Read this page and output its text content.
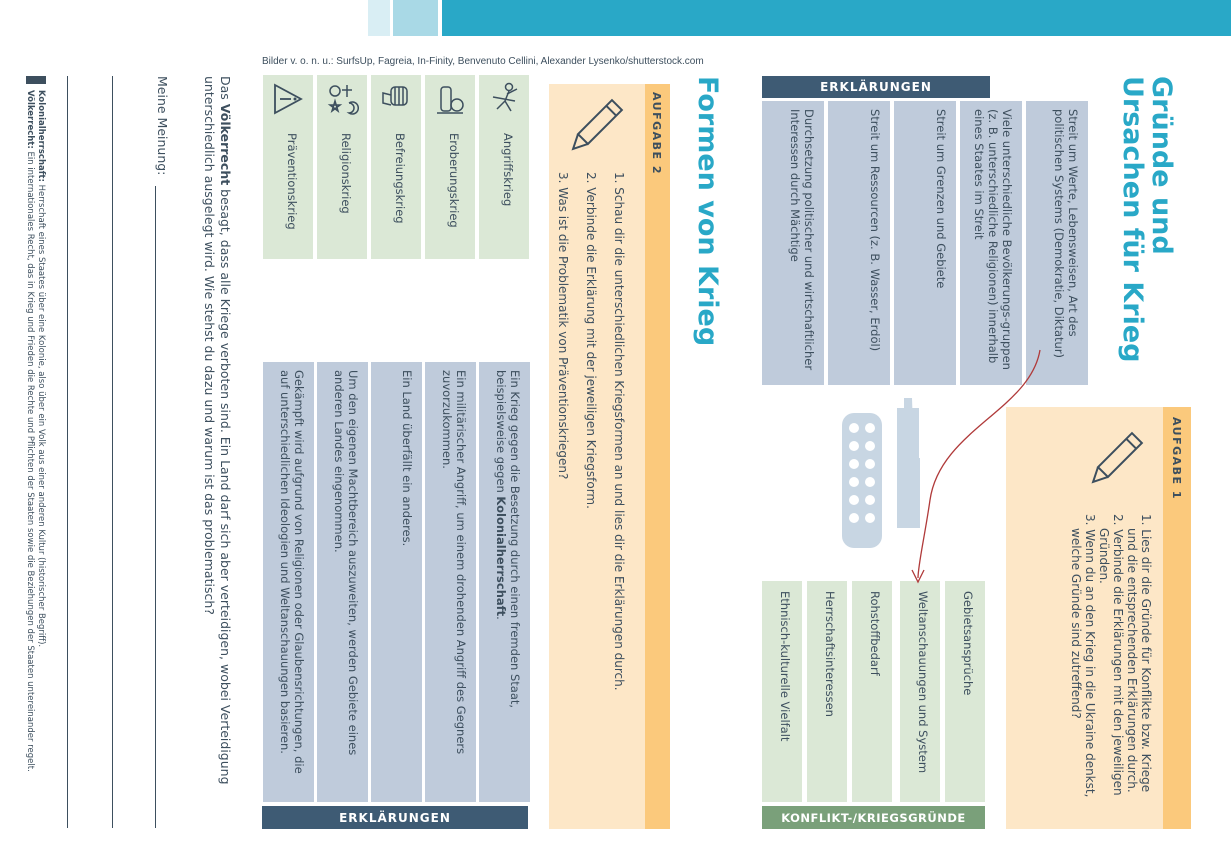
Gründe und Ursachen für Krieg
Formen von Krieg
Bilder v. o. n. u.: SurfsUp, Fagreia, In-Finity, Benvenuto Cellini, Alexander Lysenko/shutterstock.com
ERKLÄRUNGEN
Streit um Werte, Lebensweisen, Art des politischen Systems (Demokratie, Diktatur)
Viele unterschiedliche Bevölkerungs-gruppen (z. B. unterschiedliche Religionen) innerhalb eines Staates im Streit
Streit um Grenzen und Gebiete
Streit um Ressourcen (z. B. Wasser, Erdöl)
Durchsetzung politischer und wirtschaftlicher Interessen durch Mächtige
AUFGABE 1
1. Lies dir die Gründe für Konflikte bzw. Kriege und die entsprechenden Erklärungen durch.
2. Verbinde die Erklärungen mit den jeweiligen Gründen.
3. Wenn du an den Krieg in die Ukraine denkst, welche Gründe sind zutreffend?
Gebietsansprüche
Weltanschauungen und System
Rohstoffbedarf
Herrschaftsinteressen
Ethnisch-kulturelle Vielfalt
KONFLIKT-/KRIEGSGRÜNDE
AUFGABE 2
1. Schau dir die unterschiedlichen Kriegsformen an und lies dir die Erklärungen durch.
2. Verbinde die Erklärung mit der jeweiligen Kriegsform.
3. Was ist die Problematik von Präventionskriegen?
Angriffskrieg
Eroberungskrieg
Befreiungskrieg
Religionskrieg
Präventionskrieg
Ein Krieg gegen die Besetzung durch einen fremden Staat, beispielsweise gegen Kolonialherrschaft.
Ein militärischer Angriff, um einem drohenden Angriff des Gegners zuvorzukommen.
Ein Land überfällt ein anderes.
Um den eigenen Machtbereich auszuweiten, werden Gebiete eines anderen Landes eingenommen.
Gekämpft wird aufgrund von Religionen oder Glaubensrichtungen, die auf unterschiedlichen Ideologien und Weltanschauungen basieren.
ERKLÄRUNGEN
Das Völkerrecht besagt, dass alle Kriege verboten sind. Ein Land darf sich aber verteidigen, wobei Verteidigung unterschiedlich ausgelegt wird. Wie stehst du dazu und warum ist das problematisch?
Meine Meinung:
Kolonialherrschaft: Herrschaft eines Staates über eine Kolonie, also über ein Volk aus einer anderen Kultur (historischer Begriff).
Völkerrecht: Ein internationales Recht, das in Krieg und Frieden die Rechte und Pflichten der Staaten sowie die Beziehungen der Staaten untereinander regelt.
